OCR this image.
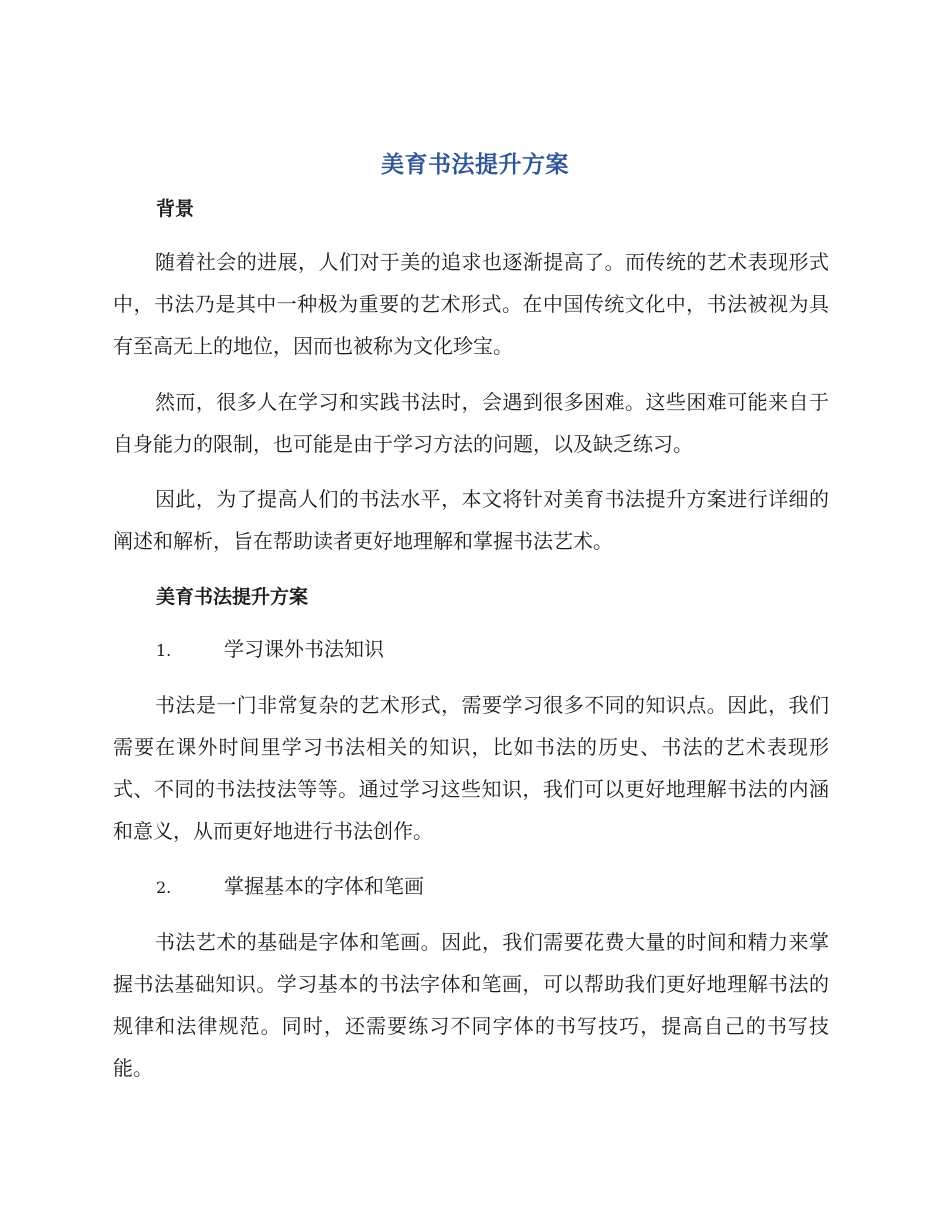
美育书法提升方案
背景

随着社会的进展，人们对于美的追求也逐渐提高了。而传统的艺术表现形式中，书法乃是其中一种极为重要的艺术形式。在中国传统文化中，书法被视为具有至高无上的地位，因而也被称为文化珍宝。

然而，很多人在学习和实践书法时，会遇到很多困难。这些困难可能来自于自身能力的限制，也可能是由于学习方法的问题，以及缺乏练习。

因此，为了提高人们的书法水平，本文将针对美育书法提升方案进行详细的阐述和解析，旨在帮助读者更好地理解和掌握书法艺术。

美育书法提升方案
1.	学习课外书法知识

书法是一门非常复杂的艺术形式，需要学习很多不同的知识点。因此，我们需要在课外时间里学习书法相关的知识，比如书法的历史、书法的艺术表现形式、不同的书法技法等等。通过学习这些知识，我们可以更好地理解书法的内涵和意义，从而更好地进行书法创作。

2.	掌握基本的字体和笔画

书法艺术的基础是字体和笔画。因此，我们需要花费大量的时间和精力来掌握书法基础知识。学习基本的书法字体和笔画，可以帮助我们更好地理解书法的规律和法律规范。同时，还需要练习不同字体的书写技巧，提高自己的书写技能。
